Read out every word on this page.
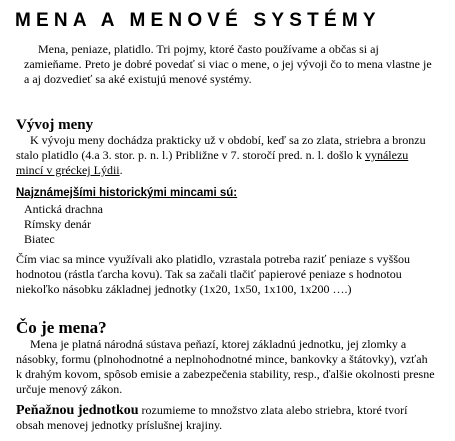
MENA A MENOVÉ SYSTÉMY

Mena, peniaze, platidlo. Tri pojmy, ktoré často používame a občas si aj zamieňame. Preto je dobré povedať si viac o mene, o jej vývoji čo to mena vlastne je a aj dozvedieť sa aké existujú menové systémy.

Vývoj meny

K vývoju meny dochádza prakticky už v období, keď sa zo zlata, striebra a bronzu stalo platidlo (4.a 3. stor. p. n. l.) Približne v 7. storočí pred. n. l. došlo k vynálezu mincí v gréckej Lýdii.

Najznámejšími historickými mincami sú:
Antická drachna
Rímsky denár
Biatec

Čím viac sa mince využívali ako platidlo, vzrastala potreba raziť peniaze s vyššou hodnotou (rástla ťarcha kovu). Tak sa začali tlačiť papierové peniaze s hodnotou niekoľko násobku základnej jednotky (1x20, 1x50, 1x100, 1x200 ….)

Čo je mena?

Mena je platná národná sústava peňazí, ktorej základnú jednotku, jej zlomky a násobky, formu (plnohodnotné a neplnohodnotné mince, bankovky a štátovky), vzťah k drahým kovom, spôsob emisie a zabezpečenia stability, resp., ďalšie okolnosti presne určuje menový zákon.

Peňažnou jednotkou rozumieme to množstvo zlata alebo striebra, ktoré tvorí obsah menovej jednotky príslušnej krajiny.
